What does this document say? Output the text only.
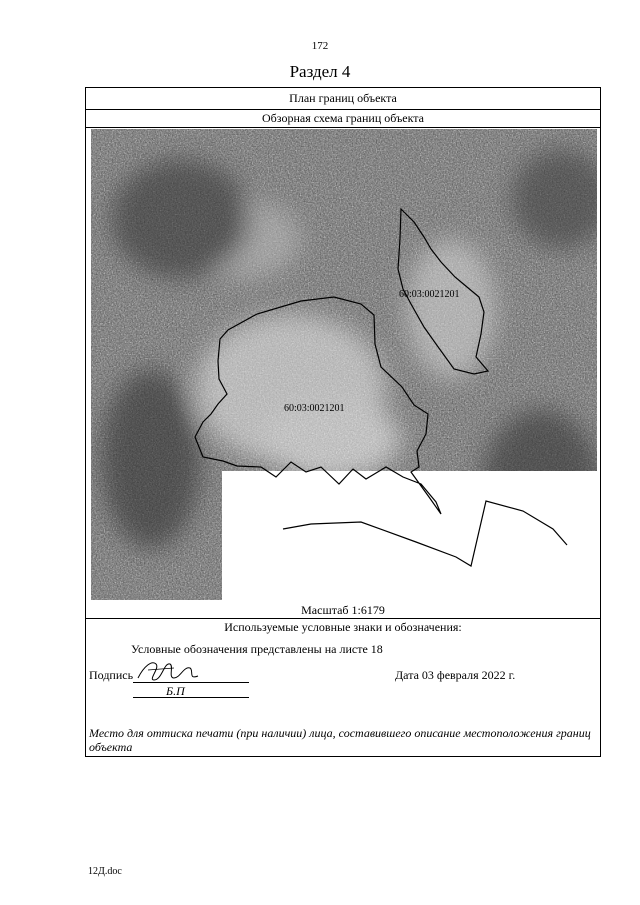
172
Раздел 4
План границ объекта
Обзорная схема границ объекта
60:03:0021201
60:03:0021201
Масштаб 1:6179
Используемые условные знаки и обозначения:
Условные обозначения представлены на листе 18
Подпись
Б.П
Дата 03 февраля 2022 г.
Место для оттиска печати (при наличии) лица, составившего описание местоположения границ объекта
12Д.doc
